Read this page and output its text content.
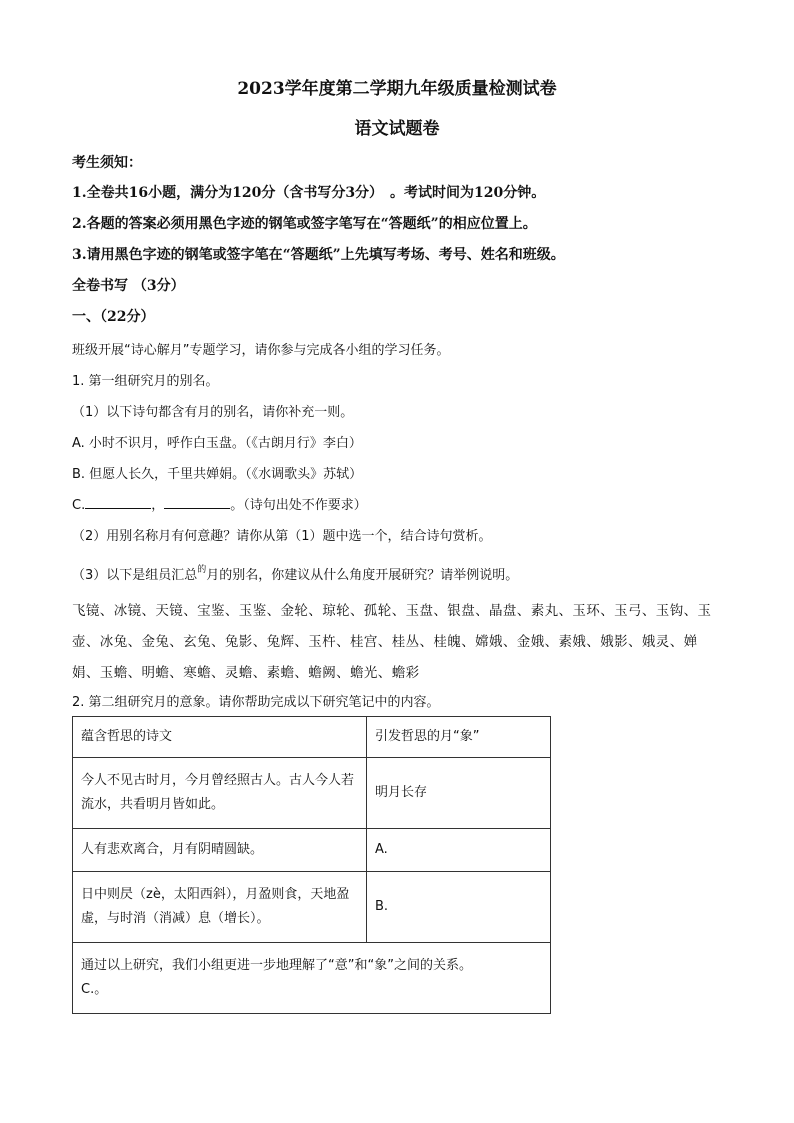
2023学年度第二学期九年级质量检测试卷
语文试题卷
考生须知：
1.全卷共16小题，满分为120分（含书写分3分）　。考试时间为120分钟。
2.各题的答案必须用黑色字迹的钢笔或签字笔写在“答题纸”的相应位置上。
3.请用黑色字迹的钢笔或签字笔在“答题纸”上先填写考场、考号、姓名和班级。
全卷书写 （3分）
一、（22分）
班级开展“诗心解月”专题学习，请你参与完成各小组的学习任务。
1. 第一组研究月的别名。
（1）以下诗句都含有月的别名，请你补充一则。
A. 小时不识月，呼作白玉盘。（《古朗月行》李白）
B. 但愿人长久，千里共婵娟。（《水调歌头》苏轼）
C.	，	。（诗句出处不作要求）
（2）用别名称月有何意趣？请你从第（1）题中选一个，结合诗句赏析。
（3）以下是组员汇总$^的$月的别名，你建议从什么角度开展研究？请举例说明。
飞镜、冰镜、天镜、宝鉴、玉鉴、金轮、琼轮、孤轮、玉盘、银盘、晶盘、素丸、玉环、玉弓、玉钩、玉壶、冰兔、金兔、玄兔、兔影、兔辉、玉杵、桂宫、桂丛、桂魄、嫦娥、金娥、素娥、娥影、娥灵、婵娟、玉蟾、明蟾、寒蟾、灵蟾、素蟾、蟾阙、蟾光、蟾彩
2. 第二组研究月的意象。请你帮助完成以下研究笔记中的内容。
蕴含哲思的诗文	引发哲思的月“象”
今人不见古时月，今月曾经照古人。古人今人若流水，共看明月皆如此。	明月长存
人有悲欢离合，月有阴晴圆缺。	A.
日中则昃（zè，太阳西斜），月盈则食，天地盈虚，与时消（消减）息（增长）。	B.

通过以上研究，我们小组更进一步地理解了“意”和“象”之间的关系。
C.。	
